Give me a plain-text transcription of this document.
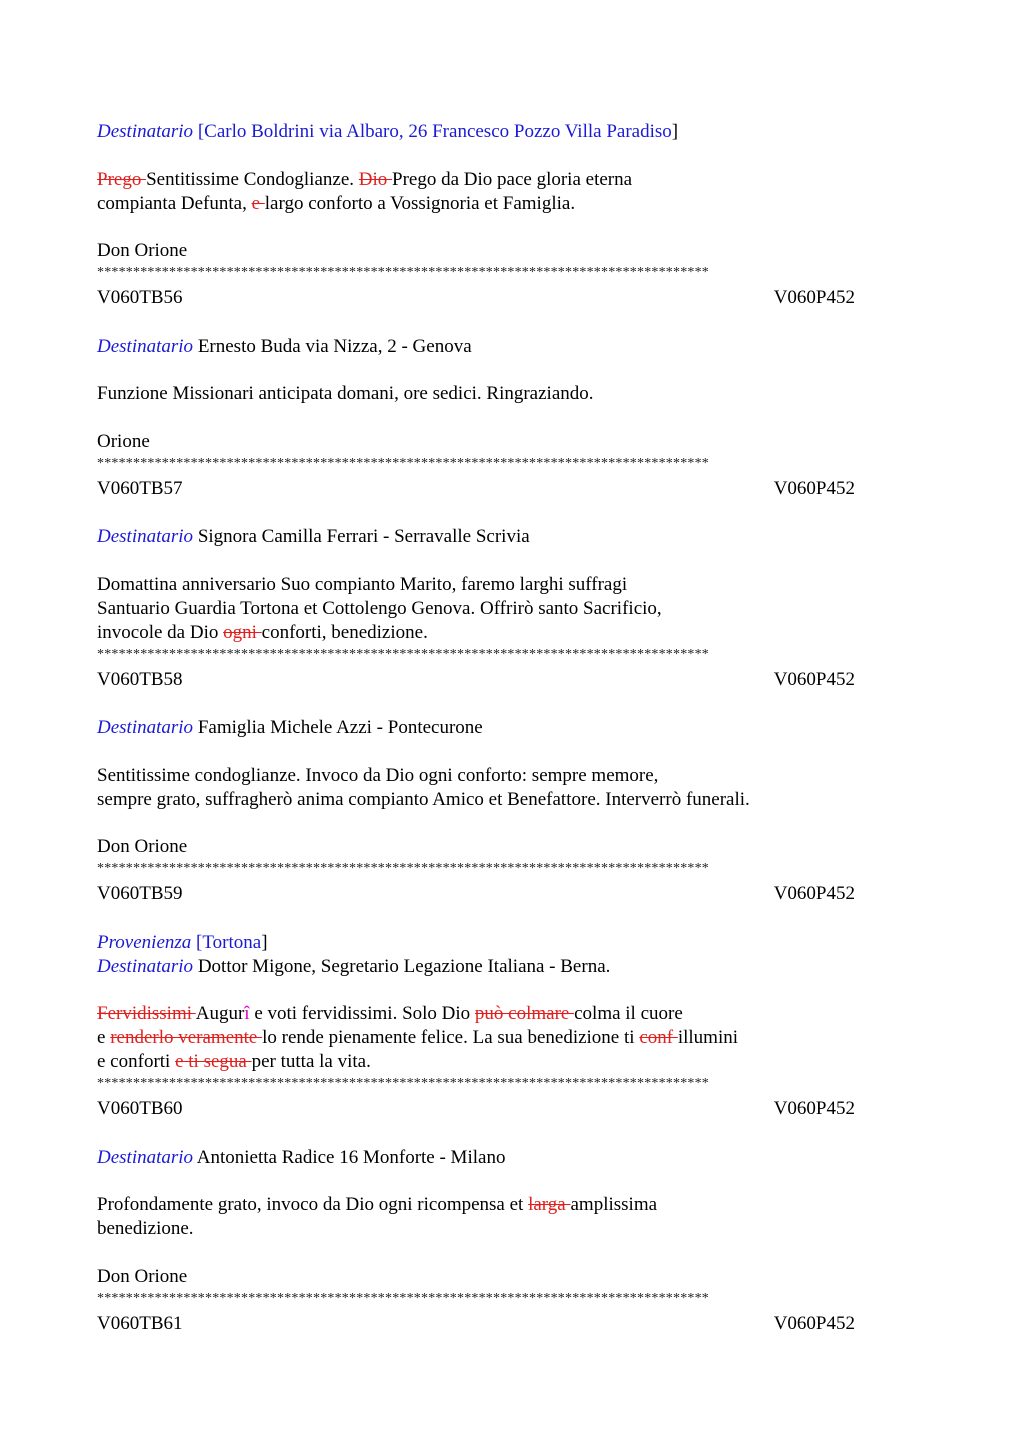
Destinatario [Carlo Boldrini via Albaro, 26 Francesco Pozzo Villa Paradiso]
Prego Sentitissime Condoglianze. Dio Prego da Dio pace gloria eterna
compianta Defunta, e largo conforto a Vossignoria et Famiglia.
Don Orione
*************************************************************************************
V060TB56	V060P452
Destinatario Ernesto Buda via Nizza, 2 - Genova
Funzione Missionari anticipata domani, ore sedici. Ringraziando.
Orione
*************************************************************************************
V060TB57	V060P452
Destinatario Signora Camilla Ferrari - Serravalle Scrivia
Domattina anniversario Suo compianto Marito, faremo larghi suffragi
Santuario Guardia Tortona et Cottolengo Genova. Offrirò santo Sacrificio,
invocole da Dio ogni conforti, benedizione.
*************************************************************************************
V060TB58	V060P452
Destinatario Famiglia Michele Azzi - Pontecurone
Sentitissime condoglianze. Invoco da Dio ogni conforto: sempre memore,
sempre grato, suffragherò anima compianto Amico et Benefattore. Interverrò funerali.
Don Orione
*************************************************************************************
V060TB59	V060P452
Provenienza [Tortona]
Destinatario Dottor Migone, Segretario Legazione Italiana - Berna.
Fervidissimi Augurî e voti fervidissimi. Solo Dio può colmare colma il cuore
e renderlo veramente lo rende pienamente felice. La sua benedizione ti conf illumini
e conforti e ti segua per tutta la vita.
*************************************************************************************
V060TB60	V060P452
Destinatario Antonietta Radice 16 Monforte - Milano
Profondamente grato, invoco da Dio ogni ricompensa et larga amplissima
benedizione.
Don Orione
*************************************************************************************
V060TB61	V060P452
